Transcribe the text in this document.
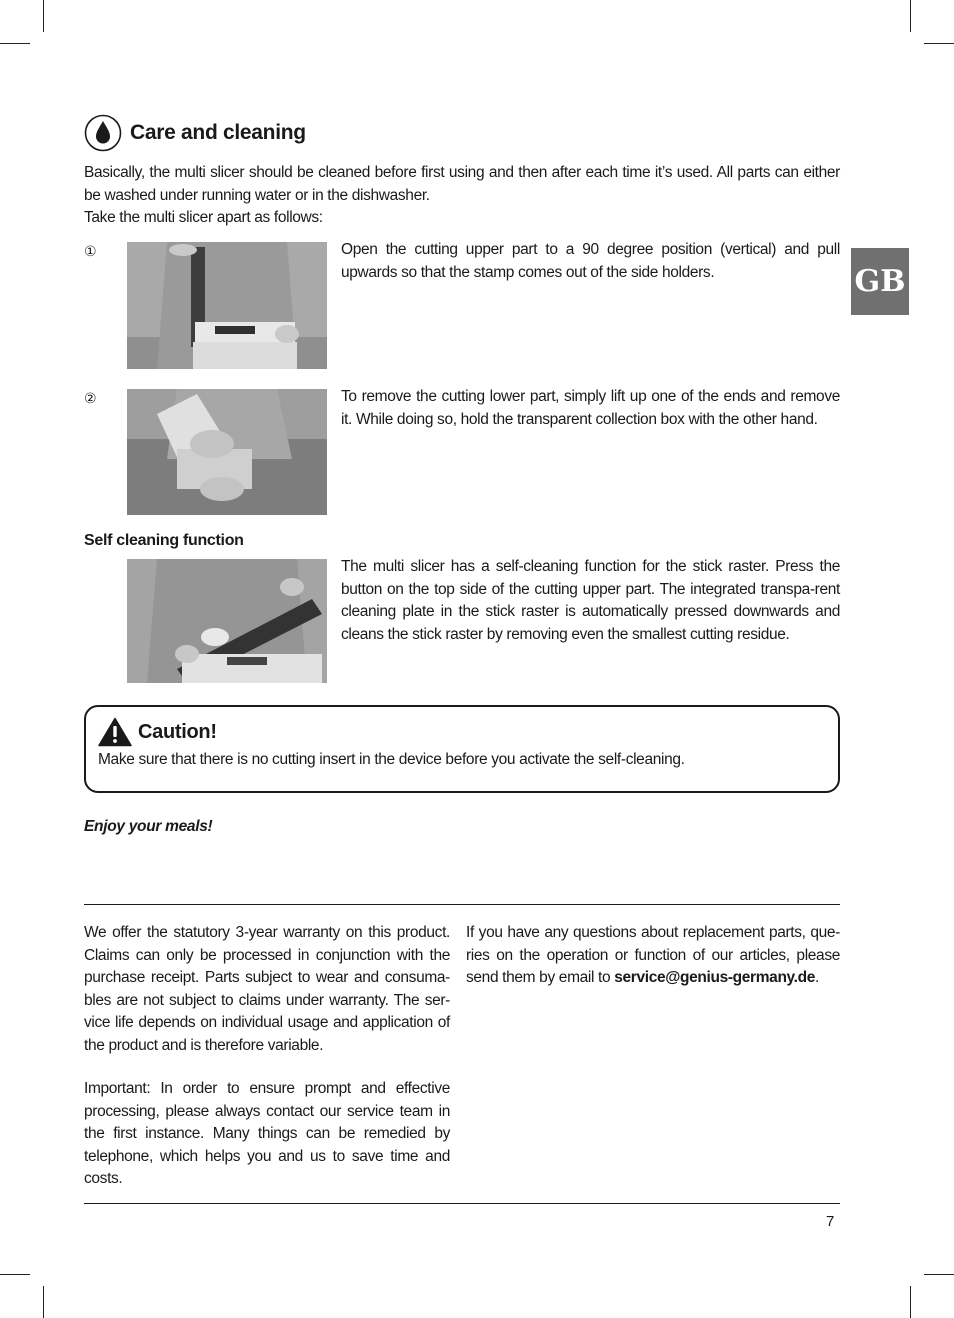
GB
Care and cleaning
Basically, the multi slicer should be cleaned before first using and then after each time it’s used. All parts can either be washed under running water or in the dishwasher.
Take the multi slicer apart as follows:
①	Open the cutting upper part to a 90 degree position (vertical) and pull upwards so that the stamp comes out of the side holders.
②	To remove the cutting lower part, simply lift up one of the ends and remove it. While doing so, hold the transparent collection box with the other hand.
Self cleaning function
The multi slicer has a self-cleaning function for the stick raster. Press the button on the top side of the cutting upper part. The integrated transpa-rent cleaning plate in the stick raster is automatically pressed downwards and cleans the stick raster by removing even the smallest cutting residue.
Caution!
Make sure that there is no cutting insert in the device before you activate the self-cleaning.
Enjoy your meals!
We offer the statutory 3-year warranty on this product. Claims can only be processed in conjunction with the purchase receipt. Parts subject to wear and consuma-bles are not subject to claims under warranty. The ser-vice life depends on individual usage and application of the product and is therefore variable.
Important: In order to ensure prompt and effective processing, please always contact our service team in the first instance. Many things can be remedied by telephone, which helps you and us to save time and costs.
If you have any questions about replacement parts, que-ries on the operation or function of our articles, please send them by email to service@genius-germany.de.
7
